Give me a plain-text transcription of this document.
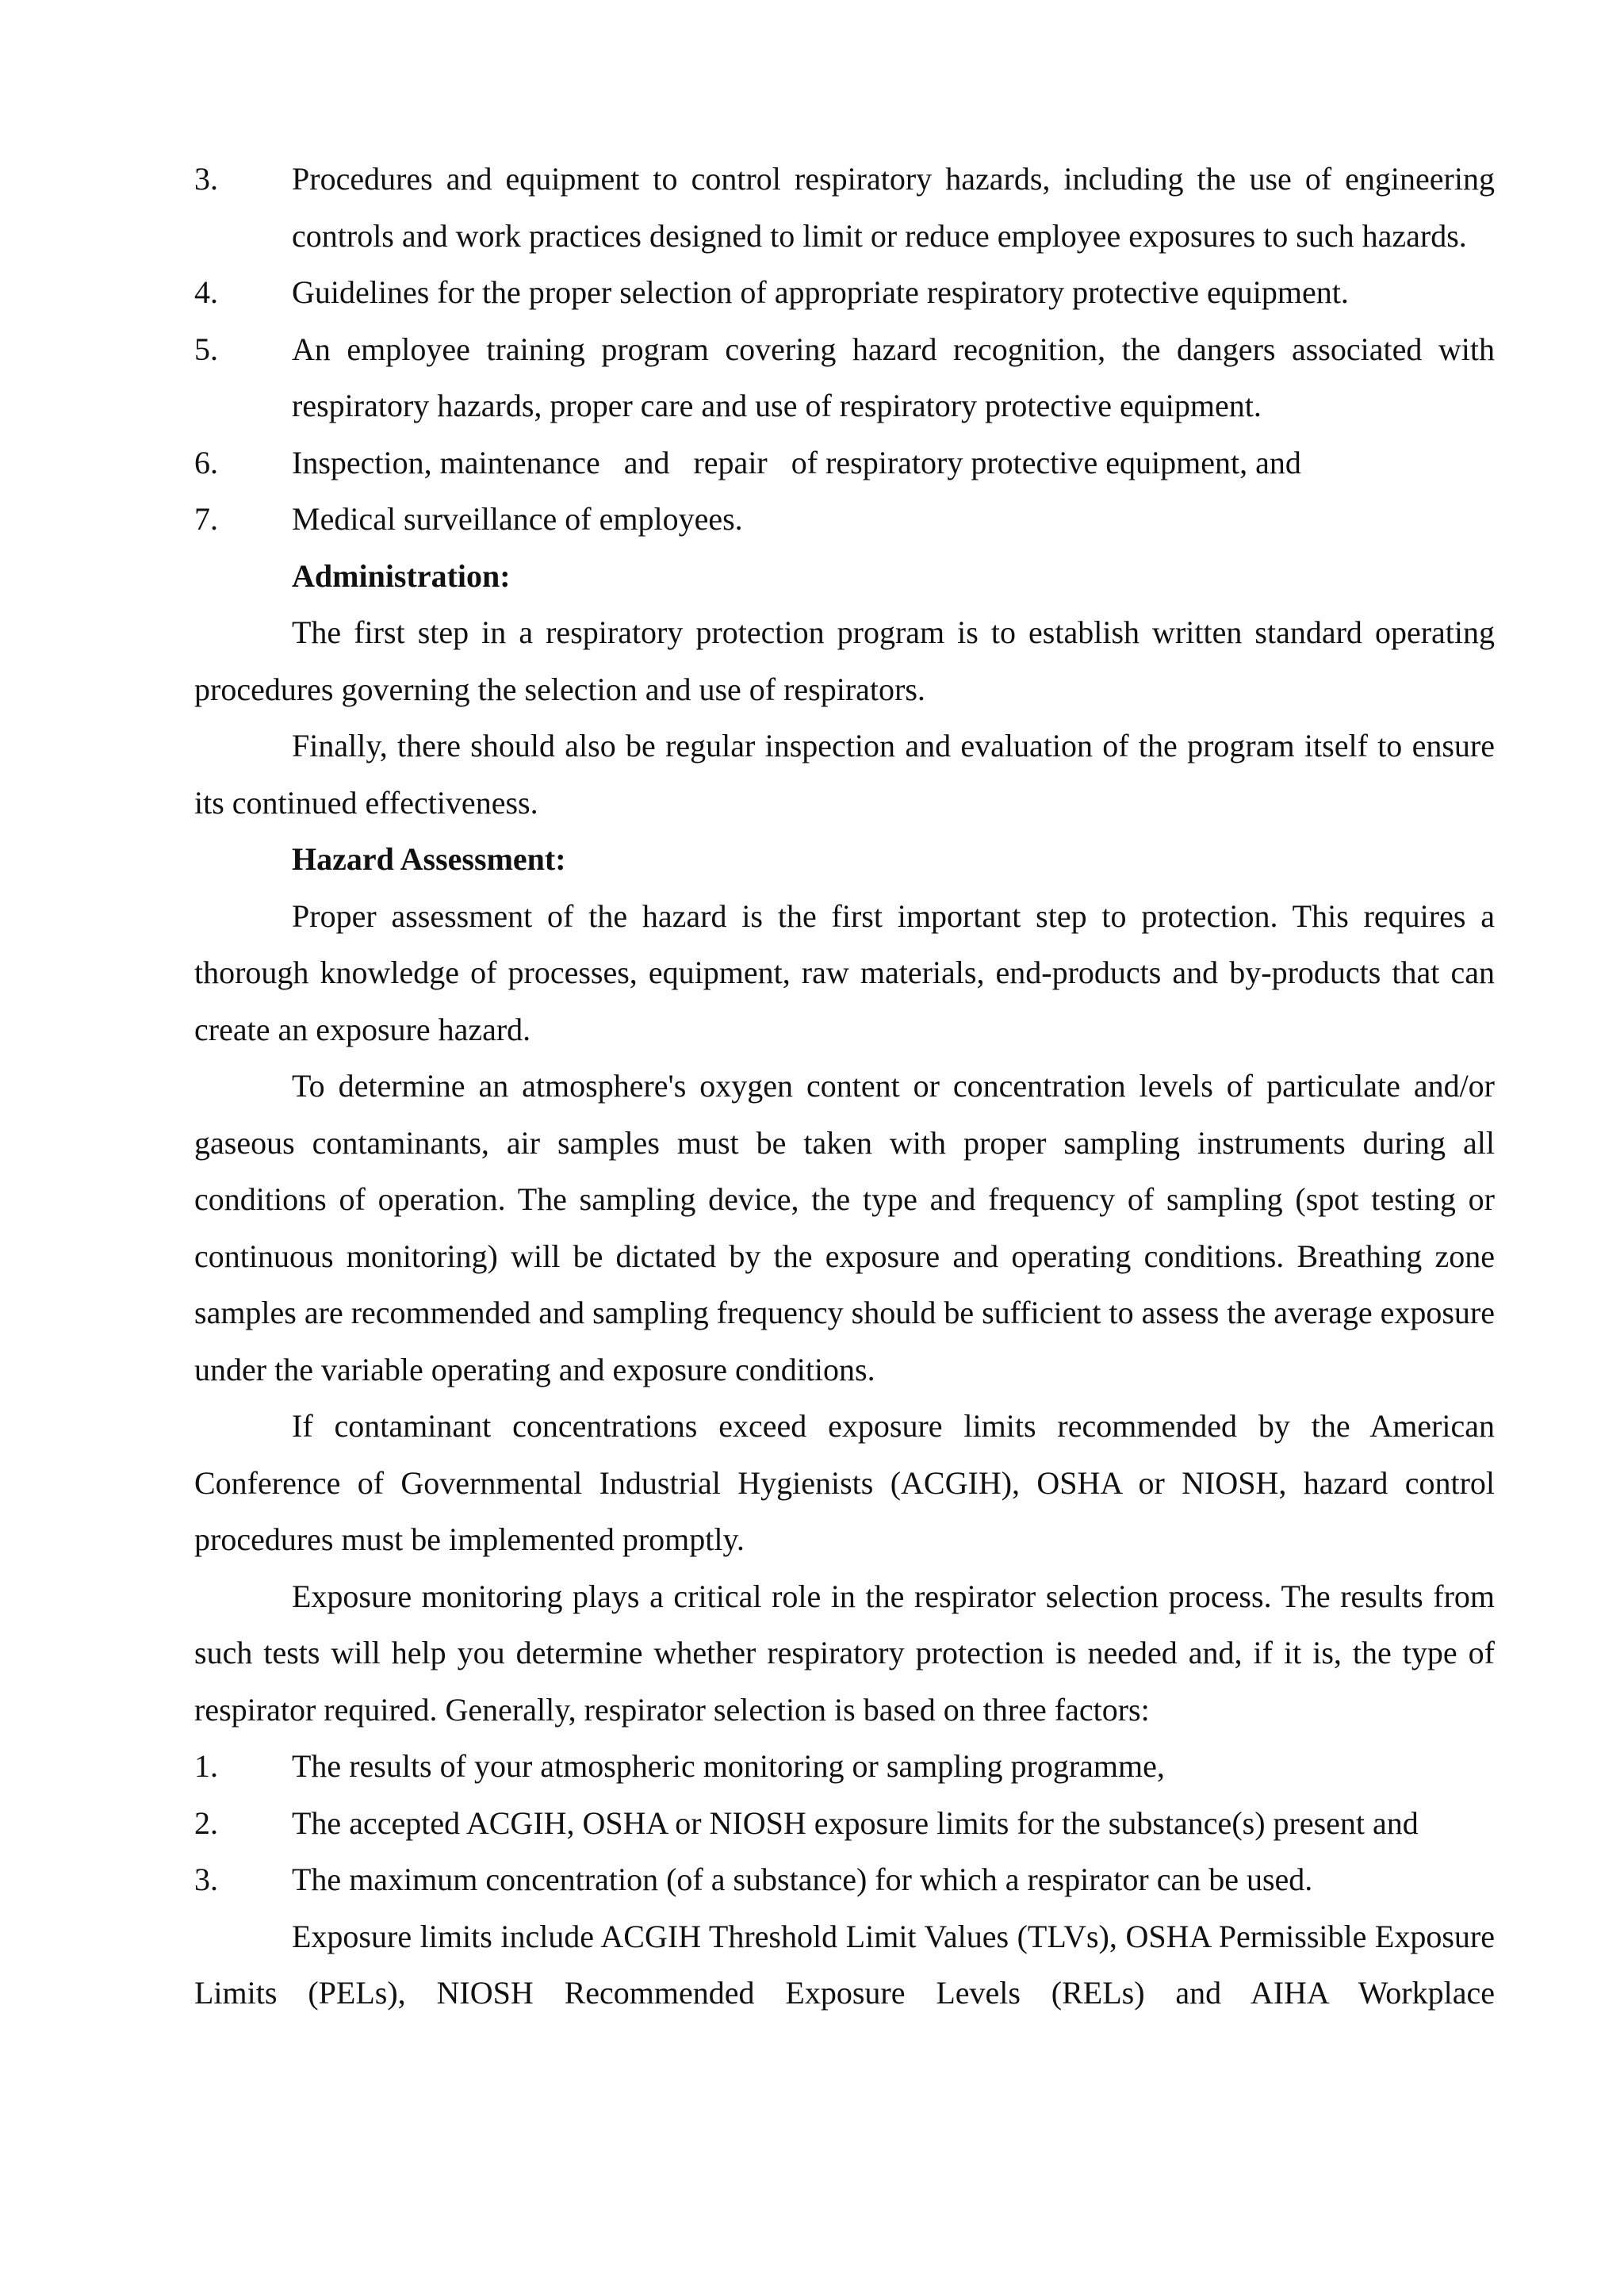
3.	Procedures and equipment to control respiratory hazards, including the use of engineering controls and work practices designed to limit or reduce employee exposures to such hazards.
4.	Guidelines for the proper selection of appropriate respiratory protective equipment.
5.	An employee training program covering hazard recognition, the dangers associated with respiratory hazards, proper care and use of respiratory protective equipment.
6.	Inspection, maintenance   and   repair   of respiratory protective equipment, and
7.	Medical surveillance of employees.
Administration:

The first step in a respiratory protection program is to establish written standard operating procedures governing the selection and use of respirators.

Finally, there should also be regular inspection and evaluation of the program itself to ensure its continued effectiveness.

Hazard Assessment:

Proper assessment of the hazard is the first important step to protection. This requires a thorough knowledge of processes, equipment, raw materials, end-products and by-products that can create an exposure hazard.

To determine an atmosphere's oxygen content or concentration levels of particulate and/or gaseous contaminants, air samples must be taken with proper sampling instruments during all conditions of operation. The sampling device, the type and frequency of sampling (spot testing or continuous monitoring) will be dictated by the exposure and operating conditions. Breathing zone samples are recommended and sampling frequency should be sufficient to assess the average exposure under the variable operating and exposure conditions.

If contaminant concentrations exceed exposure limits recommended by the American Conference of Governmental Industrial Hygienists (ACGIH), OSHA or NIOSH, hazard control procedures must be implemented promptly.

Exposure monitoring plays a critical role in the respirator selection process. The results from such tests will help you determine whether respiratory protection is needed and, if it is, the type of respirator required. Generally, respirator selection is based on three factors:

1.	The results of your atmospheric monitoring or sampling programme,
2.	The accepted ACGIH, OSHA or NIOSH exposure limits for the substance(s) present and
3.	The maximum concentration (of a substance) for which a respirator can be used.

Exposure limits include ACGIH Threshold Limit Values (TLVs), OSHA Permissible Exposure Limits (PELs), NIOSH Recommended Exposure Levels (RELs) and AIHA Workplace
